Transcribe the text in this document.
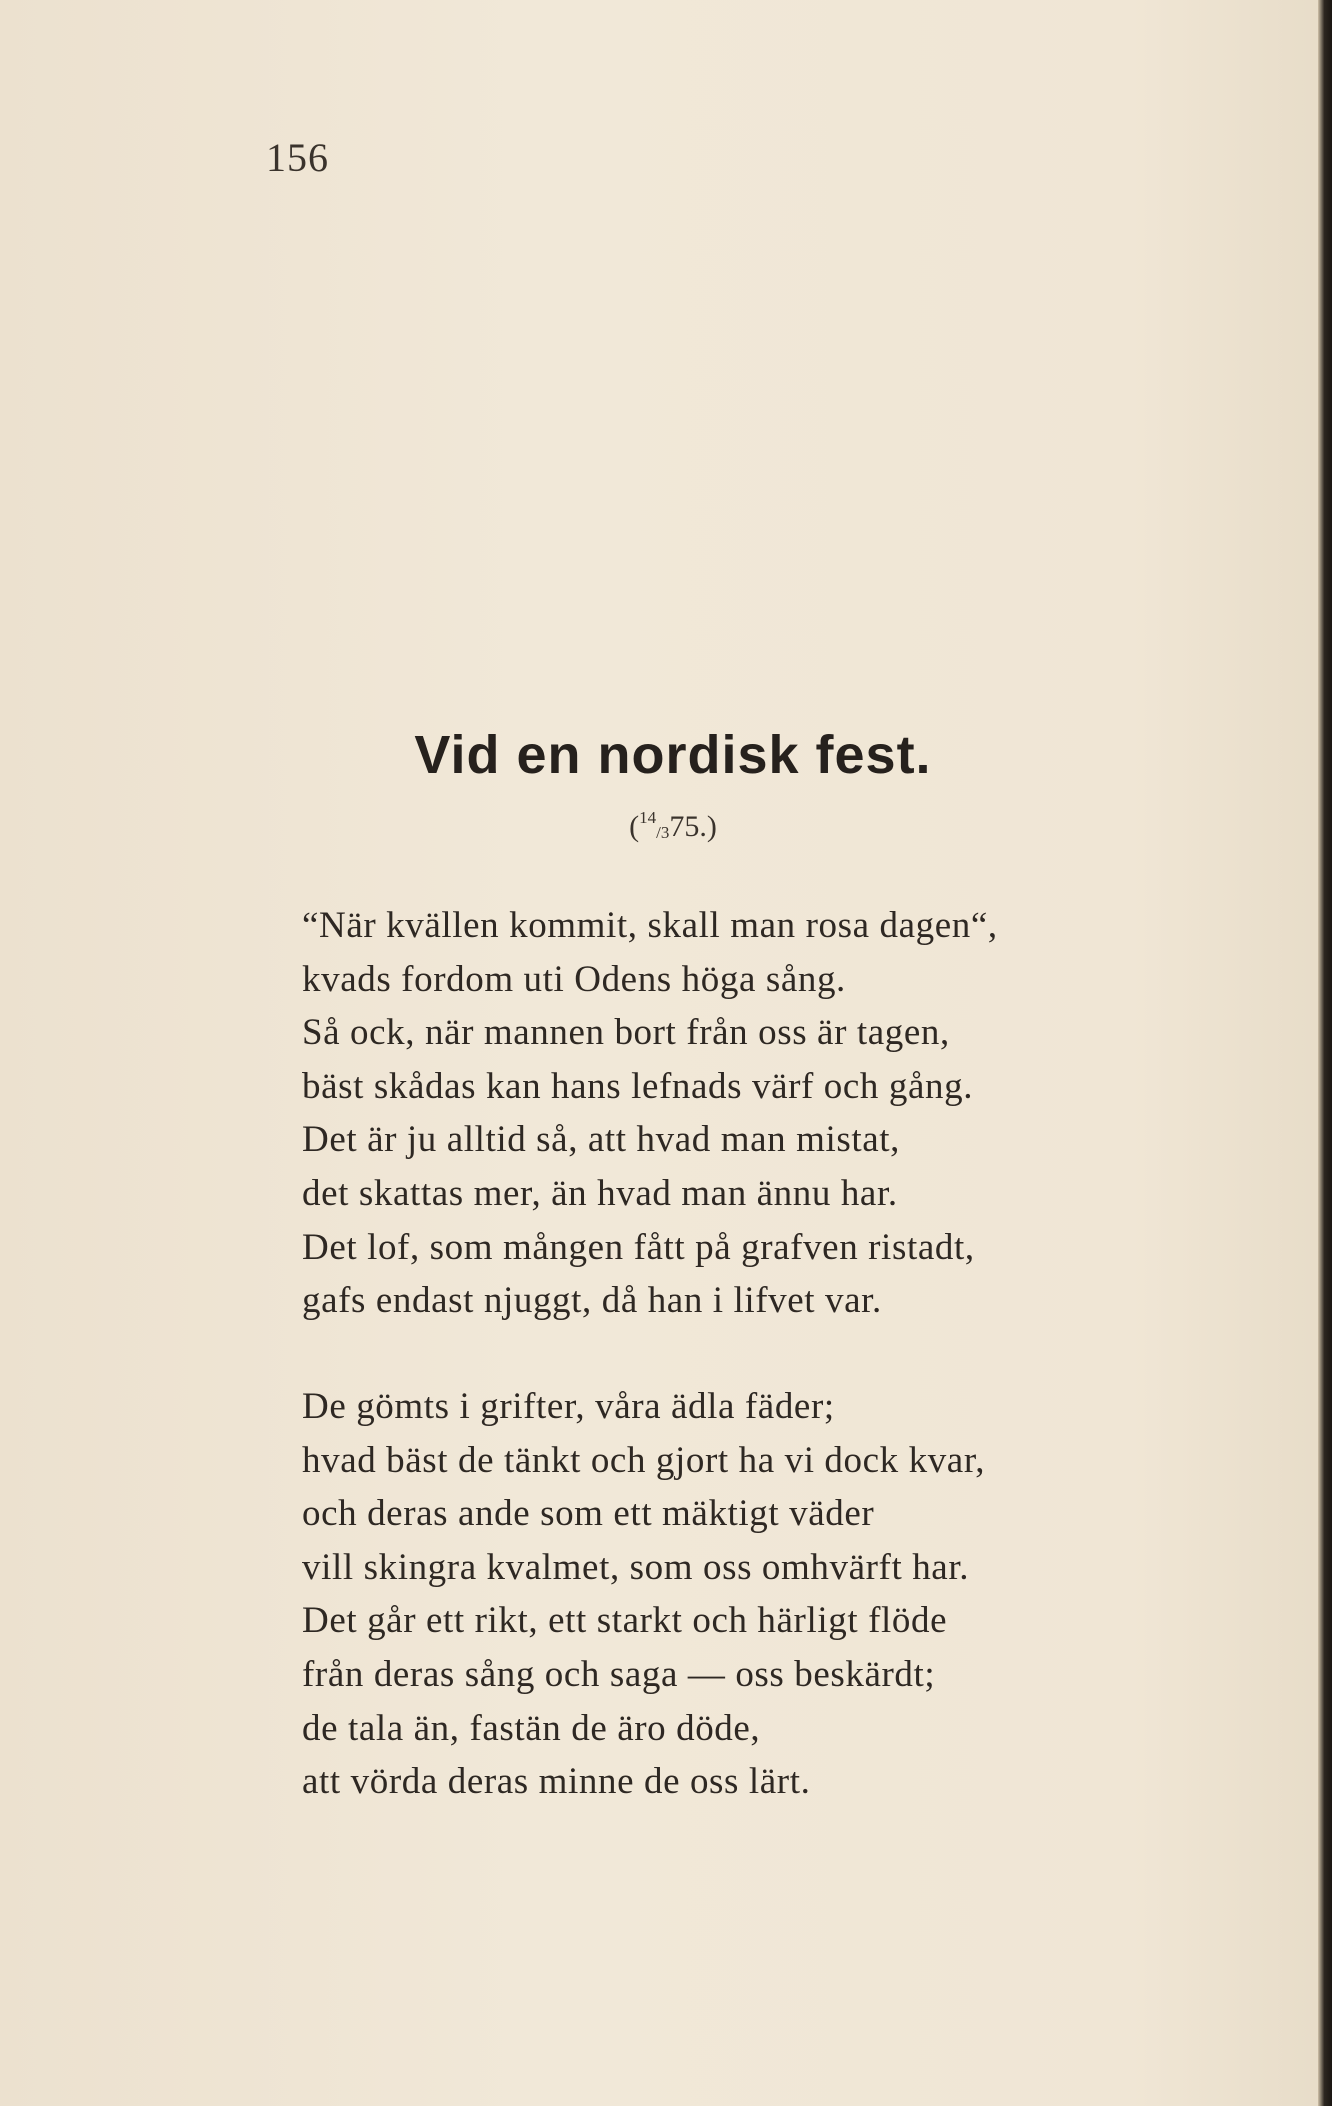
156
Vid en nordisk fest.
($^{14}$/375.)
“När kvällen kommit, skall man rosa dagen“,
kvads fordom uti Odens höga sång.
Så ock, när mannen bort från oss är tagen,
bäst skådas kan hans lefnads värf och gång.
Det är ju alltid så, att hvad man mistat,
det skattas mer, än hvad man ännu har.
Det lof, som mången fått på grafven ristadt,
gafs endast njuggt, då han i lifvet var.
De gömts i grifter, våra ädla fäder;
hvad bäst de tänkt och gjort ha vi dock kvar,
och deras ande som ett mäktigt väder
vill skingra kvalmet, som oss omhvärft har.
Det går ett rikt, ett starkt och härligt flöde
från deras sång och saga — oss beskärdt;
de tala än, fastän de äro döde,
att vörda deras minne de oss lärt.
